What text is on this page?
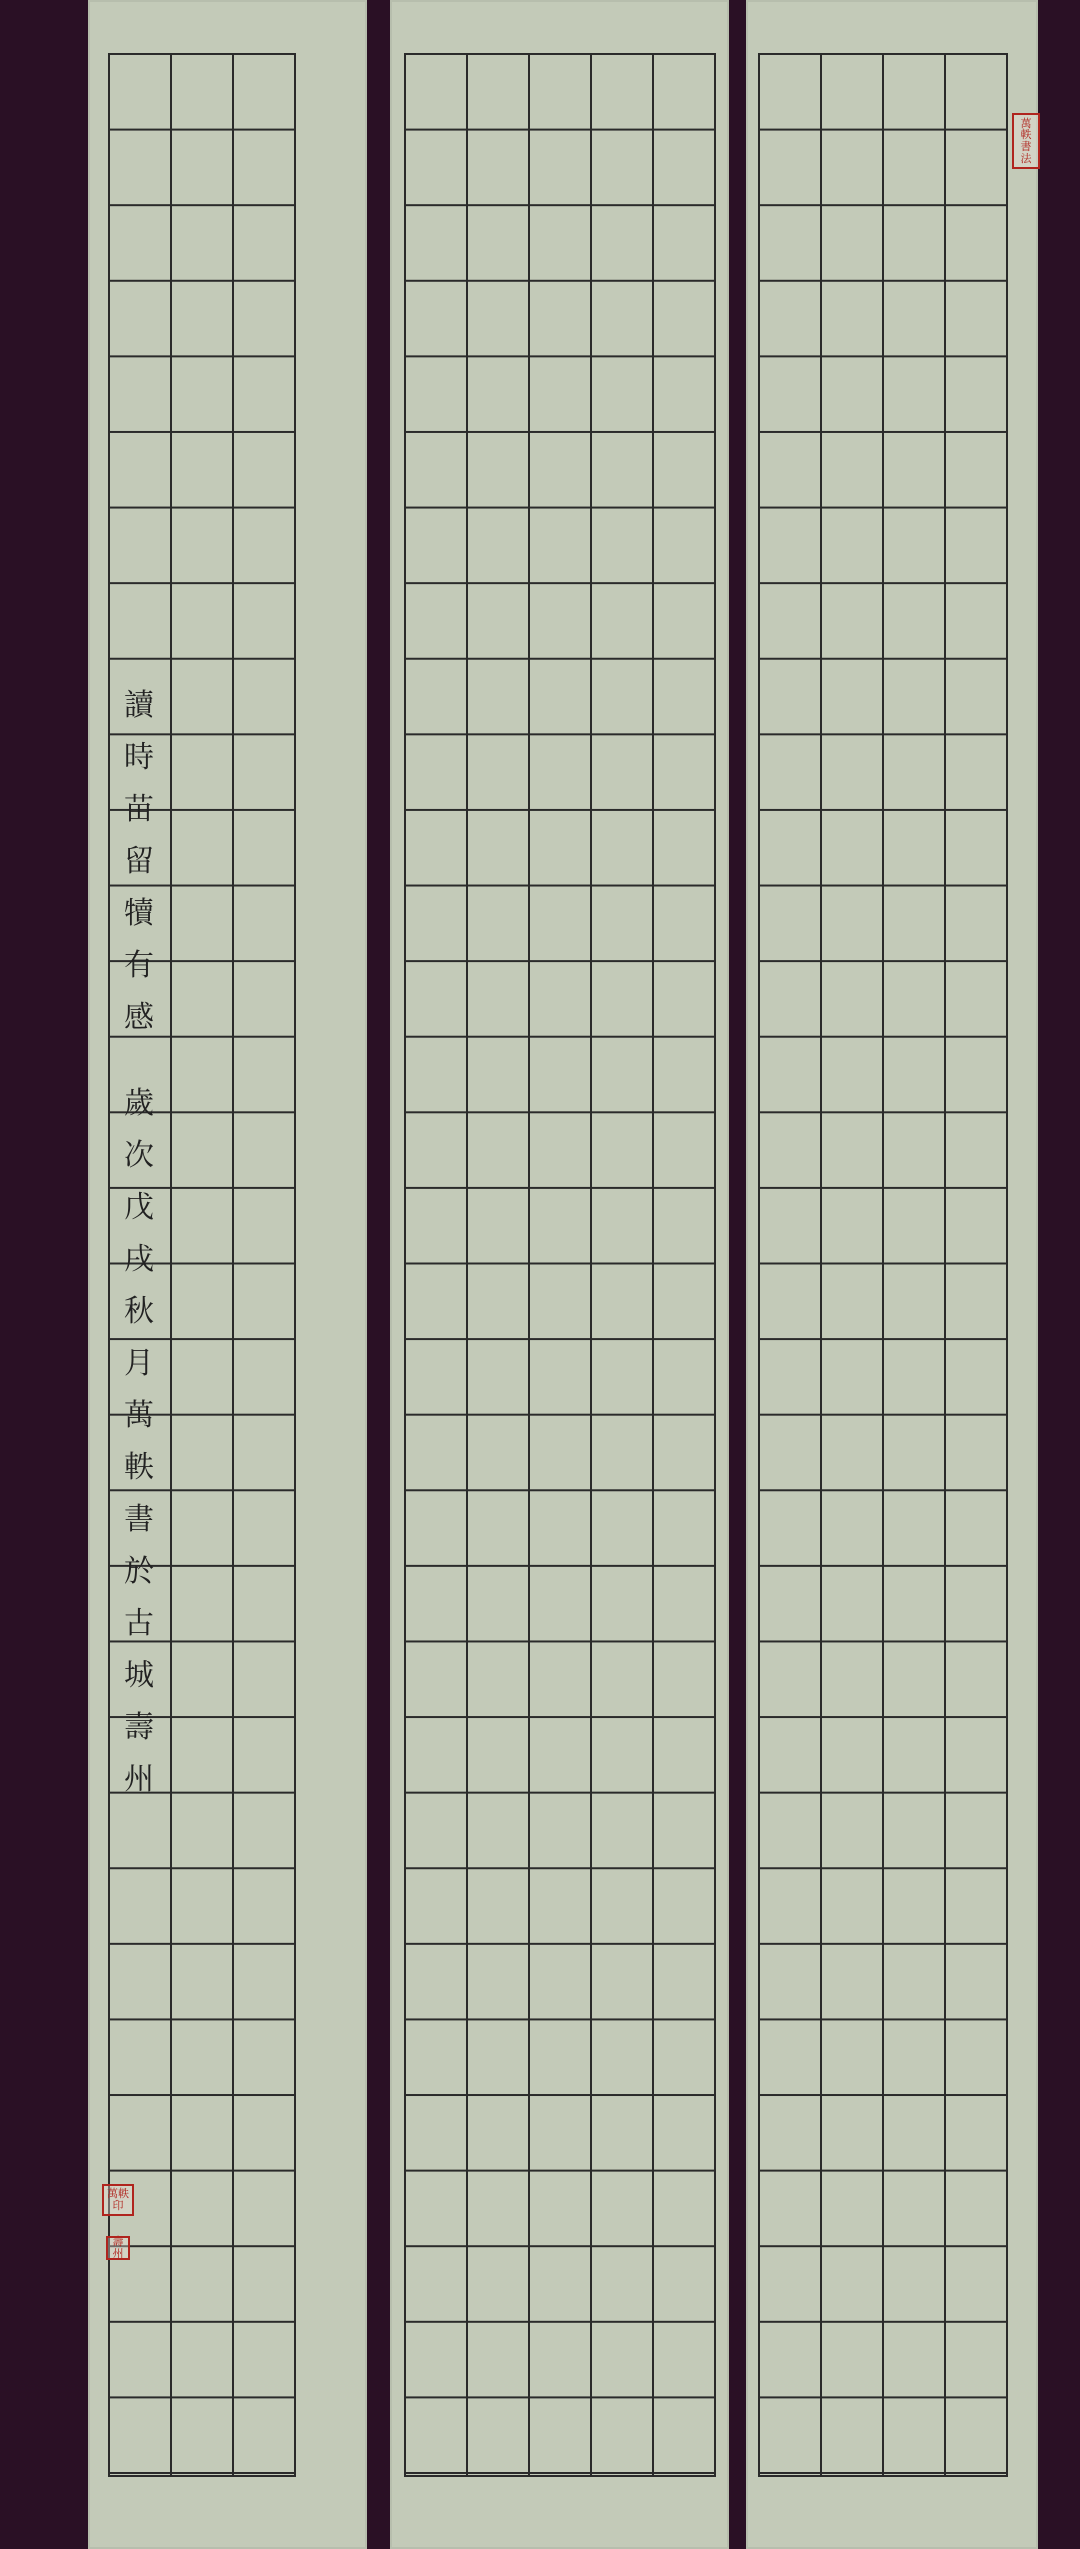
讀
時
苗
留
犢
有
感
歲
次
戊
戌
秋
月
萬
軼
書
於
古
城
壽
州
萬軼印
壽州
萬軼書法
